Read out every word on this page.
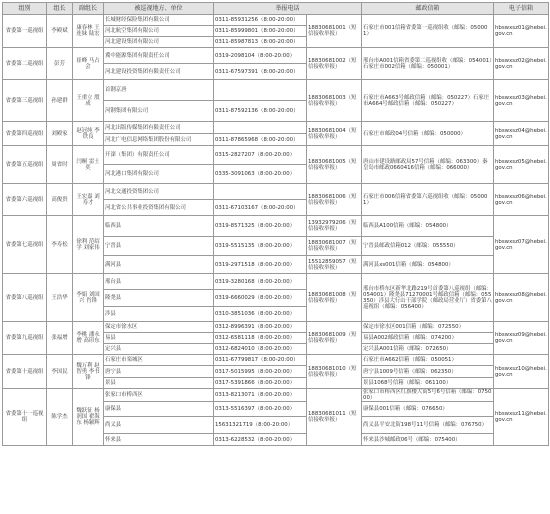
组别	组长	副组长	被巡视地方、单位	举报电话		邮政信箱	电子信箱
省委第一巡视组	李殿斌	康春林 王连妹 陆宏	长城财经保险集团有限公司	0311-85931256（8:00-20:00）	18830681001（短信接收举报）	石家庄市001信箱省委第一巡视组收（邮编：050001）	hbswxsz01@hebei.gov.cn
			河北航空集团有限公司	0311-85999801（8:00-20:00）			
			河北建设集团有限公司	0311-85987813（8:00-20:00）			
省委第二巡视组	彭芳	崔峰 马占会	冀中能源集团有限责任公司	0319-2098104（8:00-20:00）	18830681002（短信接收举报）	邢台市A001信箱省委第二巡视组收（邮编：054001）石家庄市002信箱（邮编：050001）	hbswxsz02@hebei.gov.cn
			河北建设投资集团有限责任公司	0311-67597391（8:00-20:00）			
省委第三巡视组	孙建群	王重立 殷成	首钢京唐		18830681003（短信接收举报）	石家庄市A663号邮政信箱（邮编：050227）石家庄市A664号邮政信箱（邮编：050227）	hbswxsz03@hebei.gov.cn
			河钢集团有限公司	0311-87592136（8:00-20:00）			
省委第四巡视组	刘殿家	赵冠纯 李铁良	河北出版传媒集团有限责任公司		18830681004（短信接收举报）	石家庄市邮政04号信箱（邮编：050000）	hbswxsz04@hebei.gov.cn
			河北广电信息网络集团股份有限公司	0311-87865968（8:00-20:00）			
省委第五巡视组	周省时	闫桐 雷士奕	开滦（集团）有限责任公司	0315-2827207（8:00-20:00）	18830681005（短信接收举报）	唐山市建设路邮政局57号信箱（邮编：063300）秦皇岛市邮政0660416信箱（邮编：066000）	hbswxsz05@hebei.gov.cn
			河北港口集团有限公司	0335-3091063（8:00-20:00）			
省委第六巡视组	高俊贵	王宏嘉 刘寿才	河北交通投资集团公司		18830681006（短信接收举报）	石家庄市006信箱省委第六巡视组收（邮编：050001）	hbswxsz06@hebei.gov.cn
			河北省公共事业投资集团有限公司	0311-67103167（8:00-20:00）			
省委第七巡视组	李寿松	徐利 范绍学 刘家伟	临西县	0319-8571325（8:00-20:00）	13932979206（短信接收举报）	临西县A100信箱（邮编：054800）	hbswxsz07@hebei.gov.cn
			宁晋县	0319-5515135（8:00-20:00）	18830681007（短信接收举报）	宁晋县邮政信箱012（邮编：055550）	
			满河县	0319-2971518（8:00-20:00）	15512859057（短信接收举报）	满河县xs001信箱（邮编：054800）	
省委第八巡视组	王浩华	李娟 刘国兴 肖锋	邢台县	0319-3280168（8:00-20:00）	18830681008（短信接收举报）	邢台市桥东区新华北路219号首委第八巡视组（邮编：054001）隆尧县71270001号邮政信箱（邮编：055350）涉县大行山干部学院（邮政局营业厅）省委第八巡视组（邮编：056400）	hbswxsz08@hebei.gov.cn
			隆尧县	0319-6660029（8:00-20:00）			
			涉县	0310-3851036（8:00-20:00）			
省委第九巡视组	张福增	李桃 潘永增 高印东	保定市徐水区	0312-8996391（8:00-20:00）	18830681009（短信接收举报）	保定市徐水区001信箱（邮编：072550）	hbswxsz09@hebei.gov.cn
			易县	0312-6581118（8:00-20:00）		易县A002邮政信箱（邮编：074200）	
			定兴县	0312-6824010（8:00-20:00）		定兴县A001信箱（邮编：072650）	
省委第十巡视组	李国民	魏万利 赵智勇 李书锋	石家庄市栾城区	0311-67799817（8:00-20:00）	18830681010（短信接收举报）	石家庄市A662信箱（邮编：050051）	hbswxsz10@hebei.gov.cn
			唐宁县	0317-5015995（8:00-20:00）		唐宁县1009号信箱（邮编：062350）	
			景县	0317-5391866（8:00-20:00）		景县1068号信箱（邮编：061100）	
省委第十一巡视组	陈学杰	魏跃征 杨润国 翟海东 杨颖辉	张家口市桥西区	0313-8213071（8:00-20:00）	18830681011（短信接收举报）	张家口市桥西区红旗楼大街5号6号信箱（邮编：075000）	hbswxsz11@hebei.gov.cn
			康保县	0313-5516397（8:00-20:00）		康保县001信箱（邮编：076650）	
			尚义县	15631321719（8:00-20:00）		尚义县平安北街198号11号信箱（邮编：076750）	
			怀来县	0313-6228532（8:00-20:00）		怀来县沙城邮政06号（邮编：075400）	
